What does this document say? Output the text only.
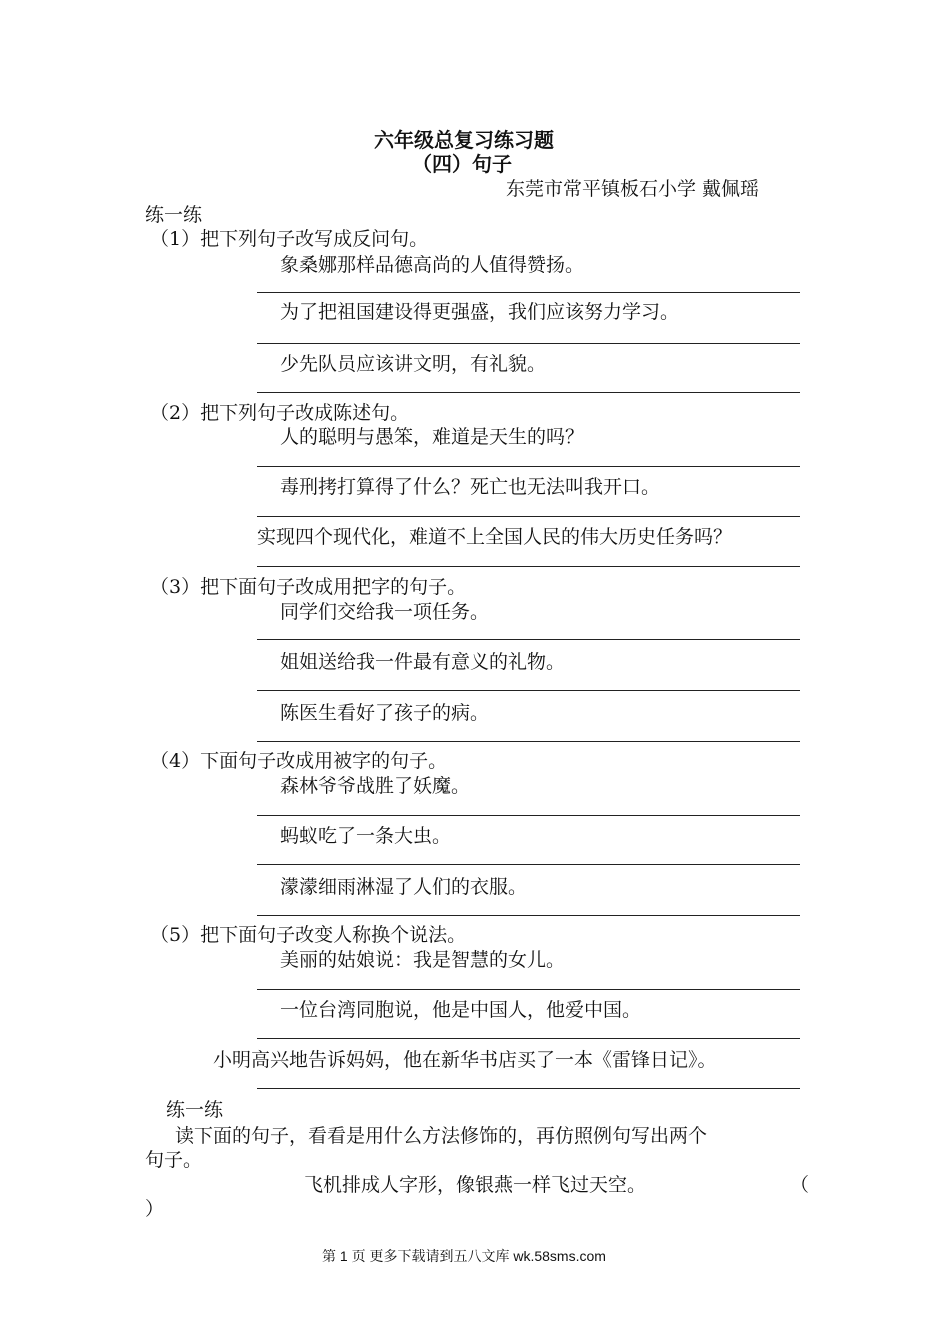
六年级总复习练习题
（四）句子
东莞市常平镇板石小学 戴佩瑶
练一练
（1）把下列句子改写成反问句。
象桑娜那样品德高尚的人值得赞扬。
为了把祖国建设得更强盛，我们应该努力学习。
少先队员应该讲文明，有礼貌。
（2）把下列句子改成陈述句。
人的聪明与愚笨，难道是天生的吗？
毒刑拷打算得了什么？死亡也无法叫我开口。
实现四个现代化，难道不上全国人民的伟大历史任务吗？
（3）把下面句子改成用把字的句子。
同学们交给我一项任务。
姐姐送给我一件最有意义的礼物。
陈医生看好了孩子的病。
（4）下面句子改成用被字的句子。
森林爷爷战胜了妖魔。
蚂蚁吃了一条大虫。
濛濛细雨淋湿了人们的衣服。
（5）把下面句子改变人称换个说法。
美丽的姑娘说：我是智慧的女儿。
一位台湾同胞说，他是中国人，他爱中国。
小明高兴地告诉妈妈，他在新华书店买了一本《雷锋日记》。
练一练
读下面的句子，看看是用什么方法修饰的，再仿照例句写出两个
句子。
飞机排成人字形，像银燕一样飞过天空。	（
）
第 1 页 更多下载请到五八文库 wk.58sms.com
